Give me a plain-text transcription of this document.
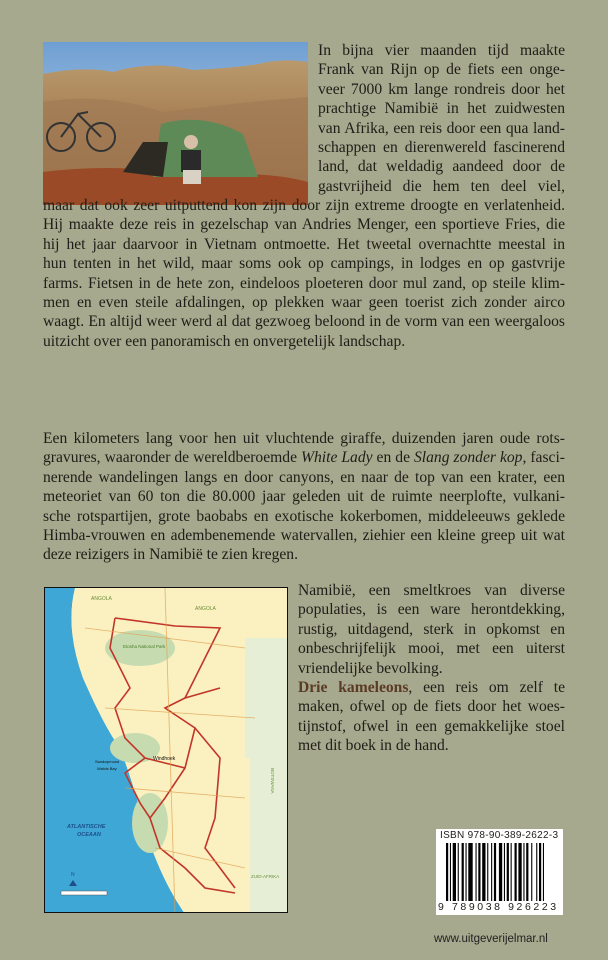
In bijna vier maanden tijd maakte
Frank van Rijn op de fiets een onge-
veer 7000 km lange rondreis door het
prachtige Namibië in het zuidwesten
van Afrika, een reis door een qua land-
schappen en dierenwereld fascinerend
land, dat weldadig aandeed door de
gastvrijheid die hem ten deel viel,
maar dat ook zeer uitputtend kon zijn door zijn extreme droogte en verlatenheid.
Hij maakte deze reis in gezelschap van Andries Menger, een sportieve Fries, die
hij het jaar daarvoor in Vietnam ontmoette. Het tweetal overnachtte meestal in
hun tenten in het wild, maar soms ook op campings, in lodges en op gastvrije
farms. Fietsen in de hete zon, eindeloos ploeteren door mul zand, op steile klim-
men en even steile afdalingen, op plekken waar geen toerist zich zonder airco
waagt. En altijd weer werd al dat gezwoeg beloond in de vorm van een weergaloos
uitzicht over een panoramisch en onvergetelijk landschap.
Een kilometers lang voor hen uit vluchtende giraffe, duizenden jaren oude rots-
gravures, waaronder de wereldberoemde White Lady en de Slang zonder kop, fasci-
nerende wandelingen langs en door canyons, en naar de top van een krater, een
meteoriet van 60 ton die 80.000 jaar geleden uit de ruimte neerplofte, vulkani-
sche rotspartijen, grote baobabs en exotische kokerbomen, middeleeuws geklede
Himba-vrouwen en adembenemende watervallen, ziehier een kleine greep uit wat
deze reizigers in Namibië te zien kregen.
ANGOLA
ANGOLA
Etosha National Park
Windhoek
Swakopmund
Walvis Bay
ATLANTISCHE
OCEAAN
BOTSWANA
ZUID-AFRIKA
N
Namibië, een smeltkroes van diverse
populaties, is een ware herontdekking,
rustig, uitdagend, sterk in opkomst en
onbeschrijfelijk mooi, met een uiterst
vriendelijke bevolking.
Drie kameleons, een reis om zelf te
maken, ofwel op de fiets door het woes-
tijnstof, ofwel in een gemakkelijke stoel
met dit boek in de hand.
ISBN 978-90-389-2622-3
9 789038 926223
www.uitgeverijelmar.nl
